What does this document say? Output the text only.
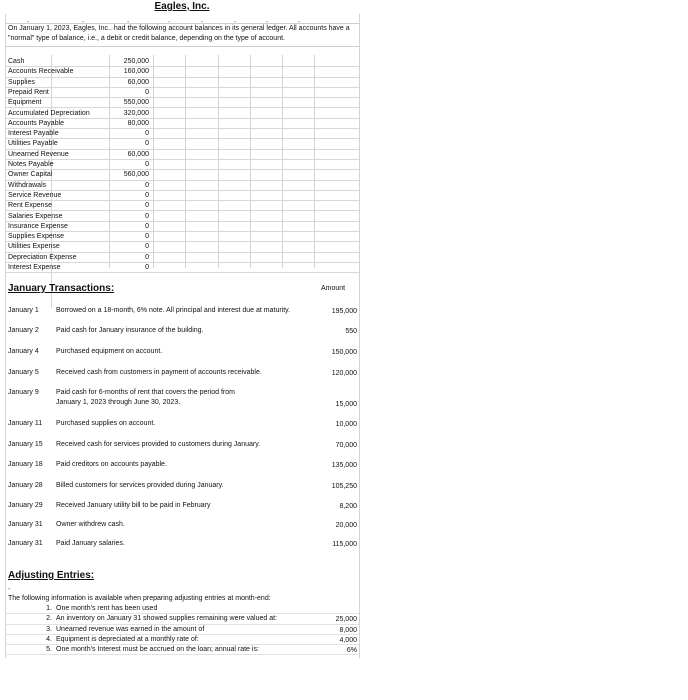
Eagles, Inc.
-	-	-	-	-	-	-	-
On January 1, 2023, Eagles, Inc.. had the following account balances in its general ledger. All accounts have a "normal" type of balance, i.e., a debit or credit balance, depending on the type of account.
Cash	250,000
Accounts Receivable	160,000
Supplies	60,000
Prepaid Rent	0
Equipment	550,000
Accumulated Depreciation	320,000
Accounts Payable	80,000
Interest Payable	0
Utilities Payable	0
Unearned Revenue	60,000
Notes Payable	0
Owner Capital	560,000
Withdrawals	0
Service Revenue	0
Rent Expense	0
Salaries Expense	0
Insurance Expense	0
Supplies Expense	0
Utilities Expense	0
Depreciation Expense	0
Interest Expense	0
January Transactions:	Amount
January 1 Borrowed on a 18-month, 6% note. All principal and interest due at maturity.	195,000
January 2 Paid cash for January insurance of the building.	550
January 4 Purchased equipment on account.	150,000
January 5 Received cash from customers in payment of accounts receivable.	120,000
January 9 Paid cash for 6-months of rent that covers the period from
January 1, 2023 through June 30, 2023.	15,000
January 11 Purchased supplies on account.	10,000
January 15 Received cash for services provided to customers during January.	70,000
January 18 Paid creditors on accounts payable.	135,000
January 28 Billed customers for services provided during January.	105,250
January 29 Received January utility bill to be paid in February	8,200
January 31 Owner withdrew cash.	20,000
January 31 Paid January salaries.	115,000
Adjusting Entries:
-
The following information is available when preparing adjusting entries at month-end:
1. One month's rent has been used
2. An inventory on January 31 showed supplies remaining were valued at:	25,000
3. Unearned revenue was earned in the amount of	8,000
4. Equipment is depreciated at a monthly rate of:	4,000
5. One month's Interest must be accrued on the loan; annual rate is:	6%
